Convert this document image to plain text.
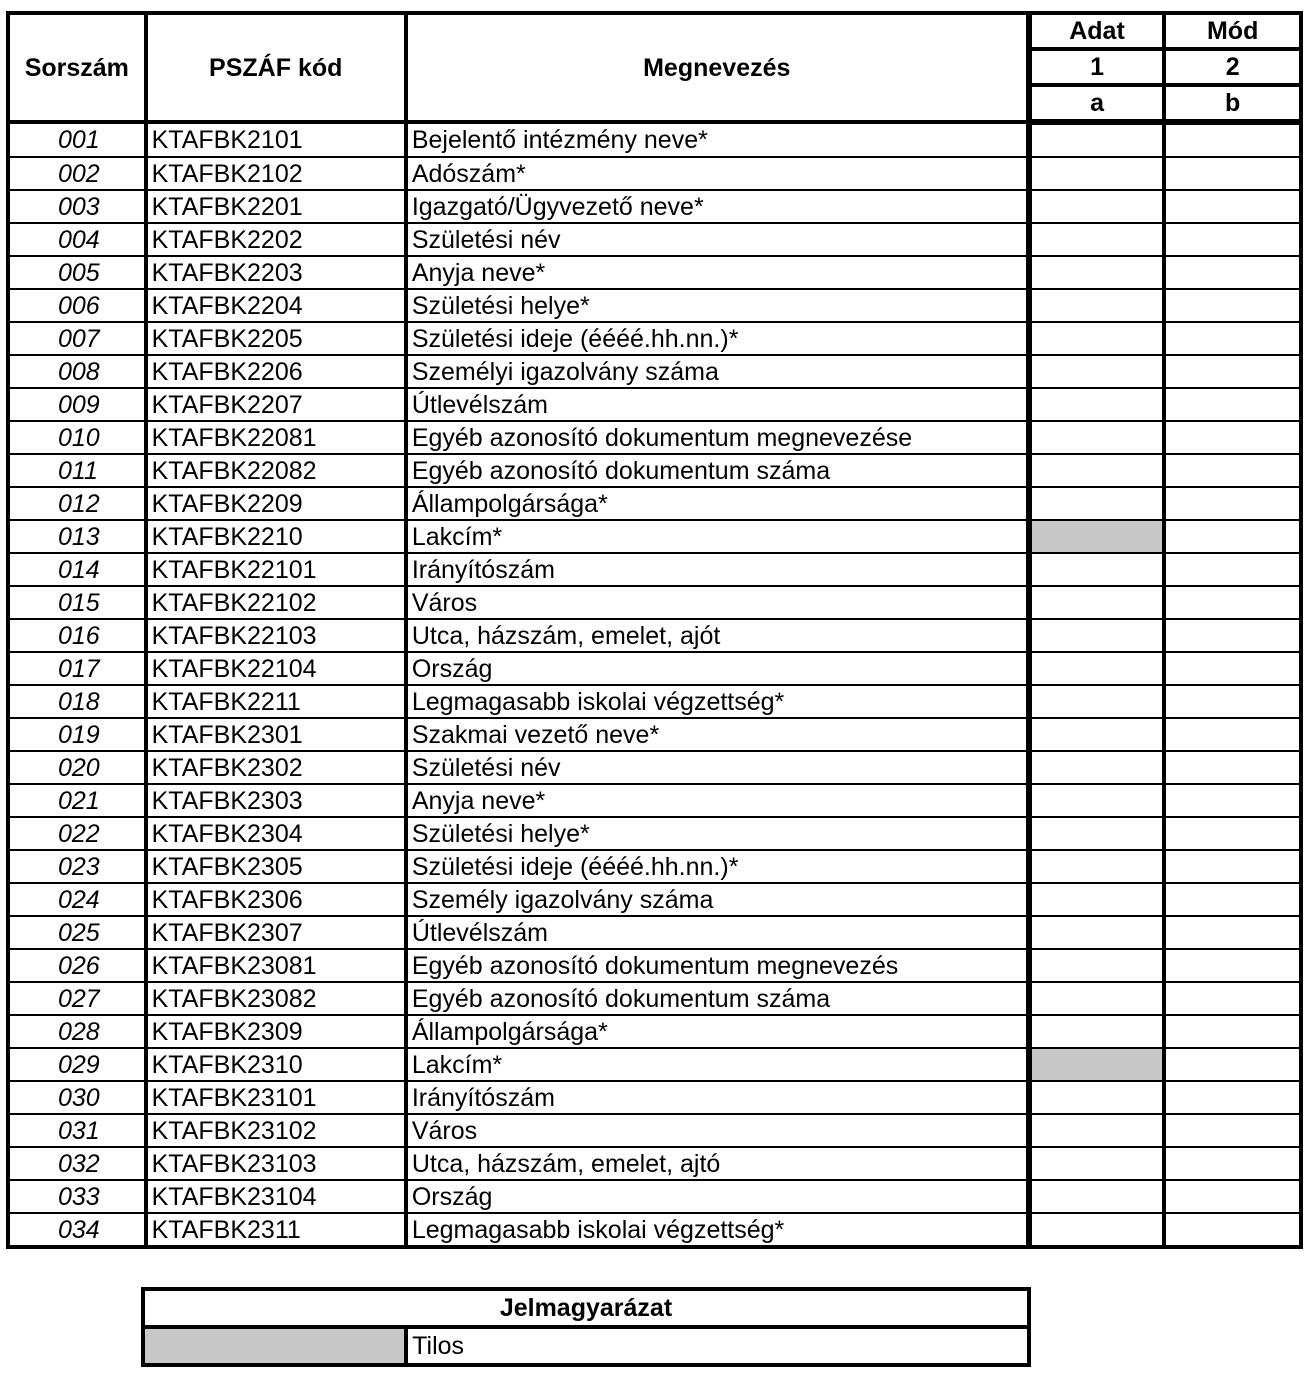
Sorszám	PSZÁF kód	Megnevezés	Adat	Mód
			1	2
			a	b
001	KTAFBK2101	Bejelentő intézmény neve*		
002	KTAFBK2102	Adószám*		
003	KTAFBK2201	Igazgató/Ügyvezető neve*		
004	KTAFBK2202	Születési név		
005	KTAFBK2203	Anyja neve*		
006	KTAFBK2204	Születési helye*		
007	KTAFBK2205	Születési ideje (éééé.hh.nn.)*		
008	KTAFBK2206	Személyi igazolvány száma		
009	KTAFBK2207	Útlevélszám		
010	KTAFBK22081	Egyéb azonosító dokumentum megnevezése		
011	KTAFBK22082	Egyéb azonosító dokumentum száma		
012	KTAFBK2209	Állampolgársága*		
013	KTAFBK2210	Lakcím*		
014	KTAFBK22101	Irányítószám		
015	KTAFBK22102	Város		
016	KTAFBK22103	Utca, házszám, emelet, ajót		
017	KTAFBK22104	Ország		
018	KTAFBK2211	Legmagasabb iskolai végzettség*		
019	KTAFBK2301	Szakmai vezető neve*		
020	KTAFBK2302	Születési név		
021	KTAFBK2303	Anyja neve*		
022	KTAFBK2304	Születési helye*		
023	KTAFBK2305	Születési ideje (éééé.hh.nn.)*		
024	KTAFBK2306	Személy igazolvány száma		
025	KTAFBK2307	Útlevélszám		
026	KTAFBK23081	Egyéb azonosító dokumentum megnevezés		
027	KTAFBK23082	Egyéb azonosító dokumentum száma		
028	KTAFBK2309	Állampolgársága*		
029	KTAFBK2310	Lakcím*		
030	KTAFBK23101	Irányítószám		
031	KTAFBK23102	Város		
032	KTAFBK23103	Utca, házszám, emelet, ajtó		
033	KTAFBK23104	Ország		
034	KTAFBK2311	Legmagasabb iskolai végzettség*		
Jelmagyarázat
	Tilos
